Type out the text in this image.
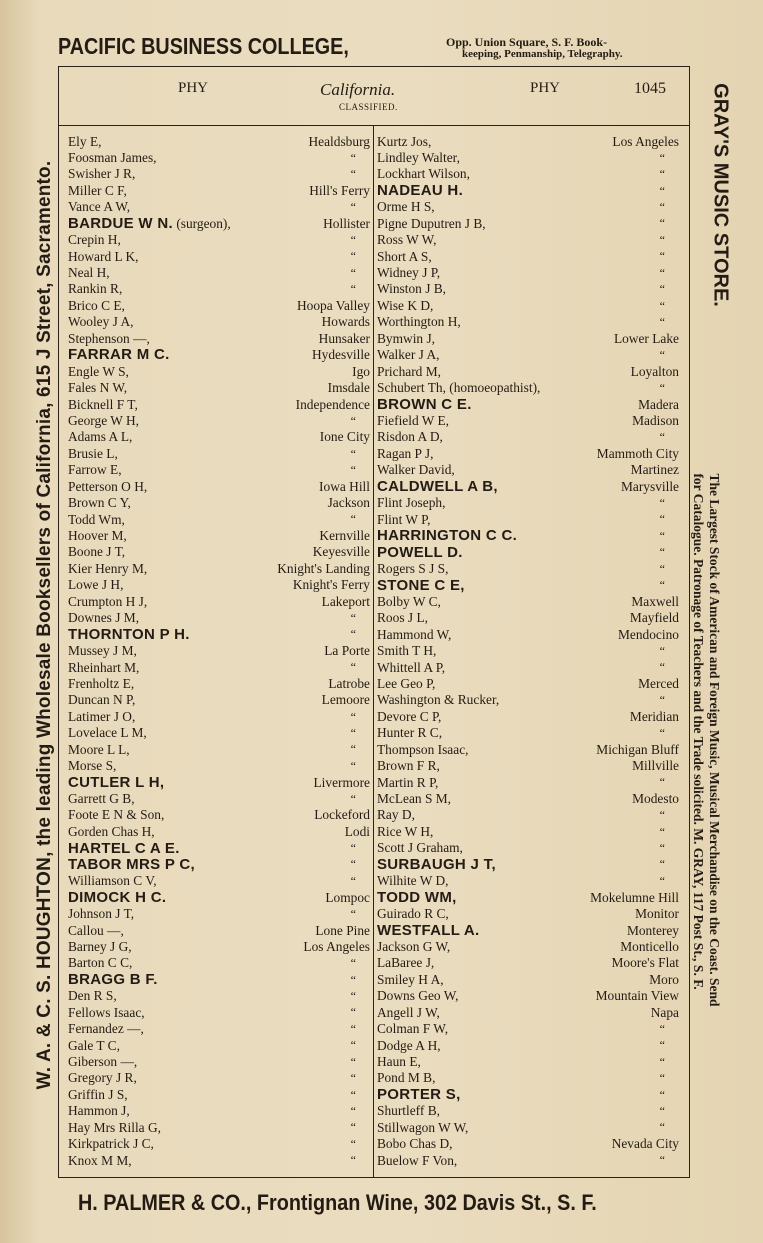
PACIFIC BUSINESS COLLEGE,	Opp. Union Square, S. F. Book-
keeping, Penmanship, Telegraphy.
W. A. & C. S. HOUGHTON, the leading Wholesale Booksellers of California, 615 J Street, Sacramento.	GRAY'S MUSIC STORE.
The Largest Stock of American and Foreign Music, Musical Merchandise on the Coast. Send
for Catalogue. Patronage of Teachers and the Trade solicited. M. GRAY, 117 Post St., S. F.
PHY	California.
CLASSIFIED.
PHY	1045
Ely E,	Healdsburg
Foosman James,	“
Swisher J R,	“
Miller C F,	Hill's Ferry
Vance A W,	“
BARDUE W N. (surgeon),	Hollister
Crepin H,	“
Howard L K,	“
Neal H,	“
Rankin R,	“
Brico C E,	Hoopa Valley
Wooley J A,	Howards
Stephenson —,	Hunsaker
FARRAR M C.	Hydesville
Engle W S,	Igo
Fales N W,	Imsdale
Bicknell F T,	Independence
George W H,	“
Adams A L,	Ione City
Brusie L,	“
Farrow E,	“
Petterson O H,	Iowa Hill
Brown C Y,	Jackson
Todd Wm,	“
Hoover M,	Kernville
Boone J T,	Keyesville
Kier Henry M,	Knight's Landing
Lowe J H,	Knight's Ferry
Crumpton H J,	Lakeport
Downes J M,	“
THORNTON P H.	“
Mussey J M,	La Porte
Rheinhart M,	“
Frenholtz E,	Latrobe
Duncan N P,	Lemoore
Latimer J O,	“
Lovelace L M,	“
Moore L L,	“
Morse S,	“
CUTLER L H,	Livermore
Garrett G B,	“
Foote E N & Son,	Lockeford
Gorden Chas H,	Lodi
HARTEL C A E.	“
TABOR MRS P C,	“
Williamson C V,	“
DIMOCK H C.	Lompoc
Johnson J T,	“
Callou —,	Lone Pine
Barney J G,	Los Angeles
Barton C C,	“
BRAGG B F.	“
Den R S,	“
Fellows Isaac,	“
Fernandez —,	“
Gale T C,	“
Giberson —,	“
Gregory J R,	“
Griffin J S,	“
Hammon J,	“
Hay Mrs Rilla G,	“
Kirkpatrick J C,	“
Knox M M,	“
Kurtz Jos,	Los Angeles
Lindley Walter,	“
Lockhart Wilson,	“
NADEAU H.	“
Orme H S,	“
Pigne Duputren J B,	“
Ross W W,	“
Short A S,	“
Widney J P,	“
Winston J B,	“
Wise K D,	“
Worthington H,	“
Bymwin J,	Lower Lake
Walker J A,	“
Prichard M,	Loyalton
Schubert Th, (homoeopathist),	“
BROWN C E.	Madera
Fiefield W E,	Madison
Risdon A D,	“
Ragan P J,	Mammoth City
Walker David,	Martinez
CALDWELL A B,	Marysville
Flint Joseph,	“
Flint W P,	“
HARRINGTON C C.	“
POWELL D.	“
Rogers S J S,	“
STONE C E,	“
Bolby W C,	Maxwell
Roos J L,	Mayfield
Hammond W,	Mendocino
Smith T H,	“
Whittell A P,	“
Lee Geo P,	Merced
Washington & Rucker,	“
Devore C P,	Meridian
Hunter R C,	“
Thompson Isaac,	Michigan Bluff
Brown F R,	Millville
Martin R P,	“
McLean S M,	Modesto
Ray D,	“
Rice W H,	“
Scott J Graham,	“
SURBAUGH J T,	“
Wilhite W D,	“
TODD WM,	Mokelumne Hill
Guirado R C,	Monitor
WESTFALL A.	Monterey
Jackson G W,	Monticello
LaBaree J,	Moore's Flat
Smiley H A,	Moro
Downs Geo W,	Mountain View
Angell J W,	Napa
Colman F W,	“
Dodge A H,	“
Haun E,	“
Pond M B,	“
PORTER S,	“
Shurtleff B,	“
Stillwagon W W,	“
Bobo Chas D,	Nevada City
Buelow F Von,	“
H. PALMER & CO., Frontignan Wine, 302 Davis St., S. F.
